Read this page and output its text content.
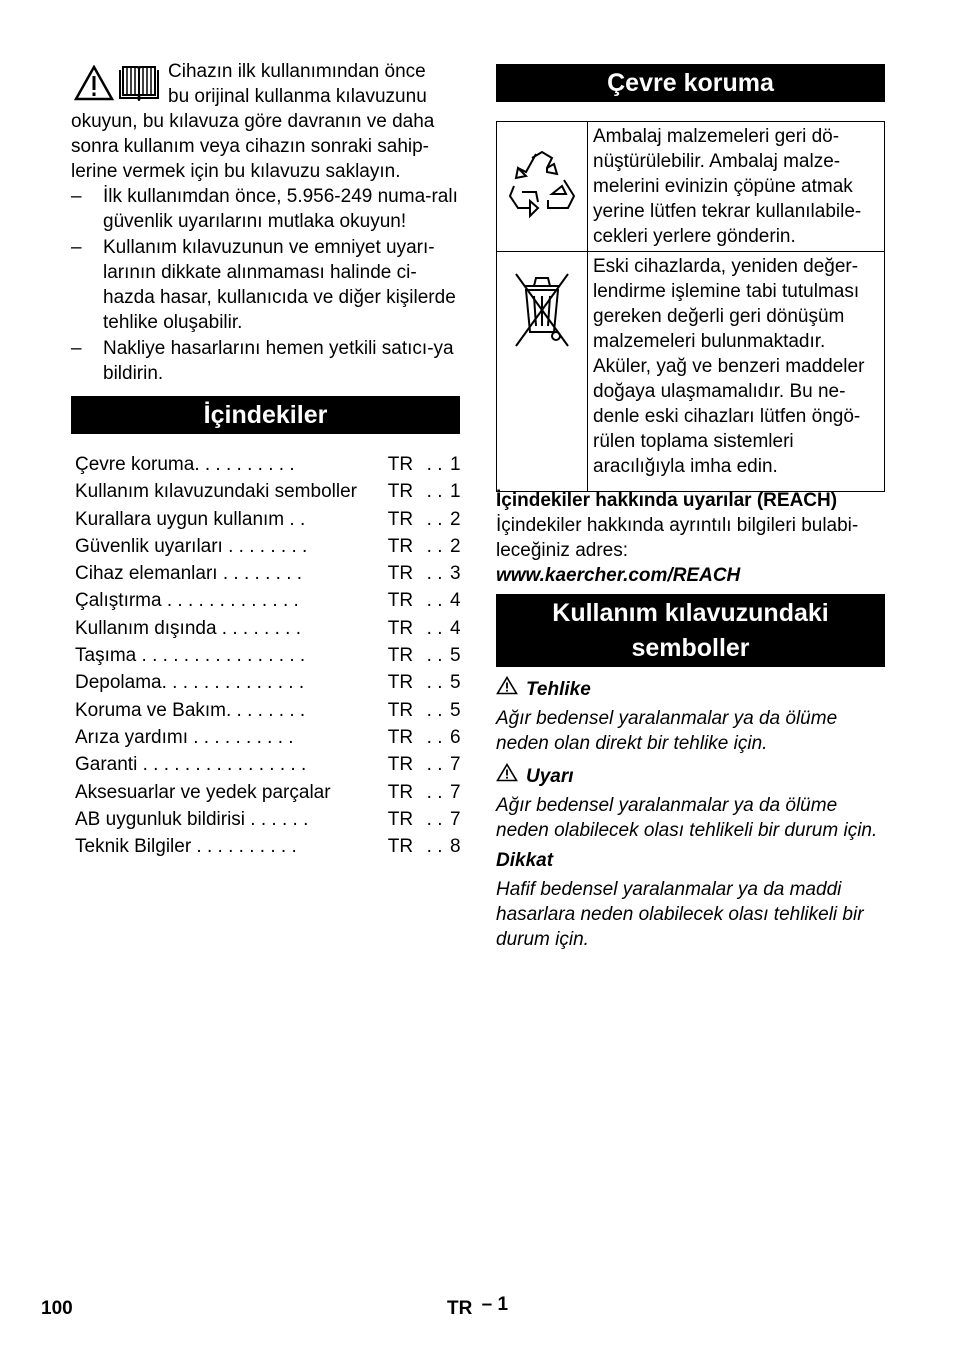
Cihazın ilk kullanımından önce

bu orijinal kullanma kılavuzunu

okuyun, bu kılavuza göre davranın ve daha

sonra kullanım veya cihazın sonraki sahip-

lerine vermek için bu kılavuzu saklayın.

– İlk kullanımdan önce, 5.956-249 numa-ralı güvenlik uyarılarını mutlaka okuyun!
– Kullanım kılavuzunun ve emniyet uyarı-larının dikkate alınmaması halinde ci-hazda hasar, kullanıcıda ve diğer kişilerde tehlike oluşabilir.
– Nakliye hasarlarını hemen yetkili satıcı-ya bildirin.
İçindekiler
Çevre koruma. . . . . . . . . .	TR . . 1
Kullanım kılavuzundaki semboller	TR . . 1
Kurallara uygun kullanım . .	TR . . 2
Güvenlik uyarıları . . . . . . . .	TR . . 2
Cihaz elemanları . . . . . . . .	TR . . 3
Çalıştırma . . . . . . . . . . . . .	TR . . 4
Kullanım dışında . . . . . . . .	TR . . 4
Taşıma . . . . . . . . . . . . . . . .	TR . . 5
Depolama. . . . . . . . . . . . . .	TR . . 5
Koruma ve Bakım. . . . . . . .	TR . . 5
Arıza yardımı . . . . . . . . . .	TR . . 6
Garanti . . . . . . . . . . . . . . . .	TR . . 7
Aksesuarlar ve yedek parçalar	TR . . 7
AB uygunluk bildirisi . . . . . .	TR . . 7
Teknik Bilgiler . . . . . . . . . .	TR . . 8
Çevre koruma
	Ambalaj malzemeleri geri dö-nüştürülebilir. Ambalaj malze-melerini evinizin çöpüne atmak yerine lütfen tekrar kullanılabile-cekleri yerlere gönderin.
	Eski cihazlarda, yeniden değer-lendirme işlemine tabi tutulması gereken değerli geri dönüşüm malzemeleri bulunmaktadır. Aküler, yağ ve benzeri maddeler doğaya ulaşmamalıdır. Bu ne-denle eski cihazları lütfen öngö-rülen toplama sistemleri aracılığıyla imha edin.

İçindekiler hakkında uyarılar (REACH)

İçindekiler hakkında ayrıntılı bilgileri bulabi-leceğiniz adres:

www.kaercher.com/REACH

Kullanım kılavuzundaki
semboller
Tehlike

Ağır bedensel yaralanmalar ya da ölüme neden olan direkt bir tehlike için.

Uyarı

Ağır bedensel yaralanmalar ya da ölüme neden olabilecek olası tehlikeli bir durum için.

Dikkat

Hafif bedensel yaralanmalar ya da maddi hasarlara neden olabilecek olası tehlikeli bir durum için.

100	TR – 1
